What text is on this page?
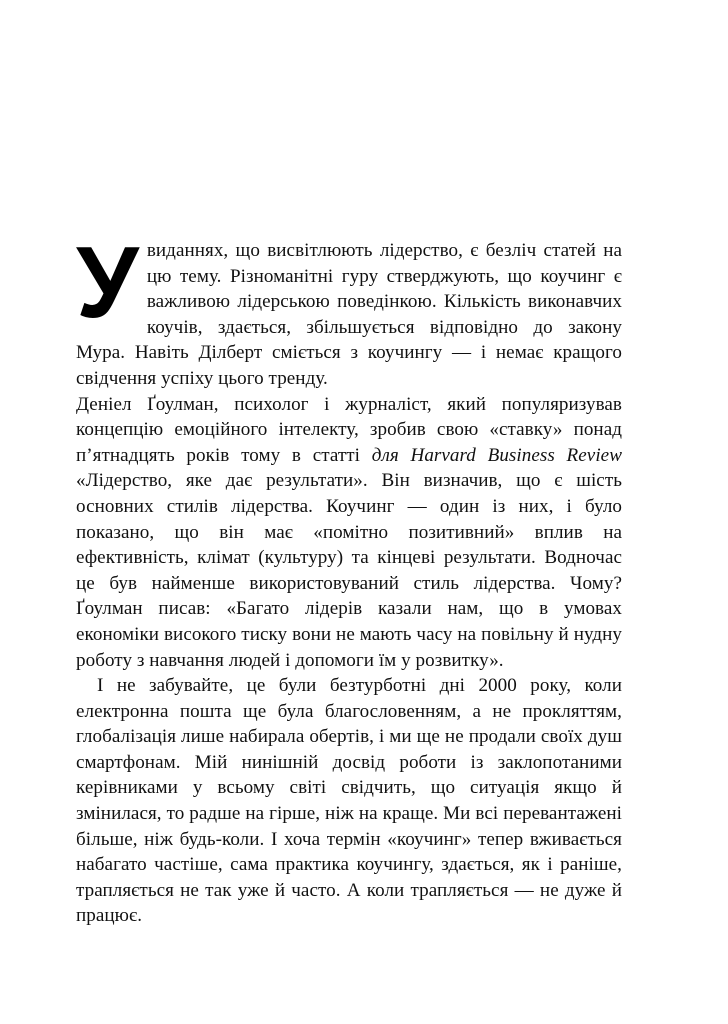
У виданнях, що висвітлюють лідерство, є безліч статей на цю тему. Різноманітні гуру стверджують, що коучинг є важливою лідерською поведінкою. Кількість виконавчих коучів, здається, збільшується відповідно до закону Мура. Навіть Ділберт сміється з коучингу — і немає кращого свідчення успіху цього тренду.

Деніел Ґоулман, психолог і журналіст, який популяризував концепцію емоційного інтелекту, зробив свою «ставку» понад п’ятнадцять років тому в статті для Harvard Business Review «Лідерство, яке дає результати». Він визначив, що є шість основних стилів лідерства. Коучинг — один із них, і було показано, що він має «помітно позитивний» вплив на ефективність, клімат (культуру) та кінцеві результати. Водночас це був найменше використовуваний стиль лідерства. Чому? Ґоулман писав: «Багато лідерів казали нам, що в умовах економіки високого тиску вони не мають часу на повільну й нудну роботу з навчання людей і допомоги їм у розвитку».

І не забувайте, це були безтурботні дні 2000 року, коли електронна пошта ще була благословенням, а не прокляттям, глобалізація лише набирала обертів, і ми ще не продали своїх душ смартфонам. Мій нинішній досвід роботи із заклопотаними керівниками у всьому світі свідчить, що ситуація якщо й змінилася, то радше на гірше, ніж на краще. Ми всі перевантажені більше, ніж будь-коли. І хоча термін «коучинг» тепер вживається набагато частіше, сама практика коучингу, здається, як і раніше, трапляється не так уже й часто. А коли трапляється — не дуже й працює.
